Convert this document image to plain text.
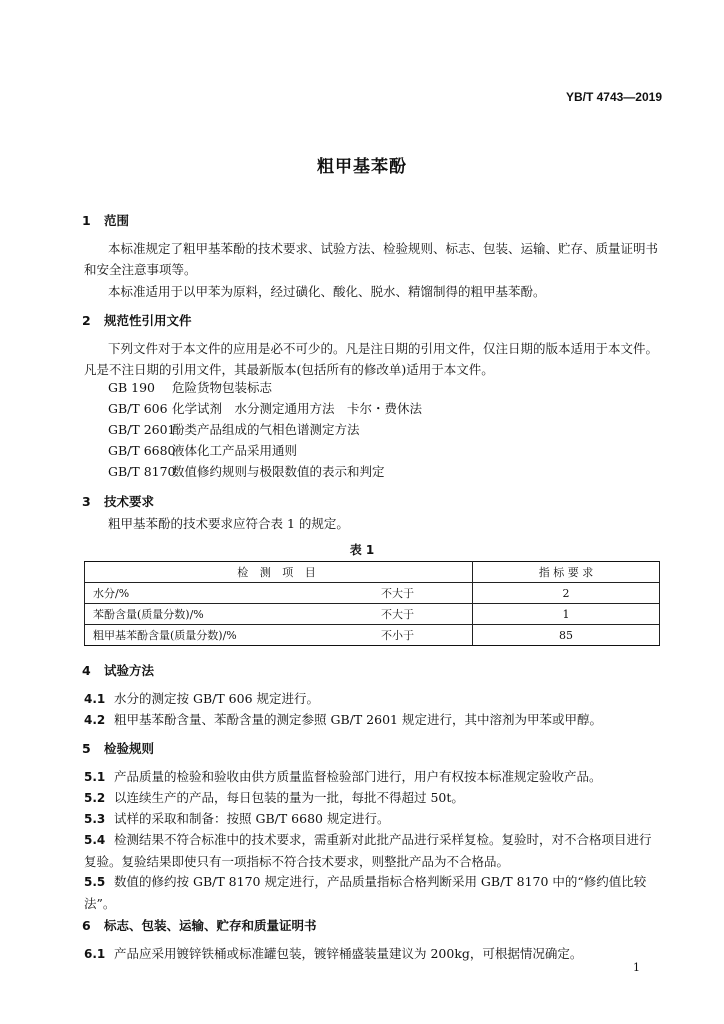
YB/T 4743—2019
粗甲基苯酚
1 范围
本标准规定了粗甲基苯酚的技术要求、试验方法、检验规则、标志、包装、运输、贮存、质量证明书和安全注意事项等。
本标准适用于以甲苯为原料，经过磺化、酸化、脱水、精馏制得的粗甲基苯酚。
2 规范性引用文件
下列文件对于本文件的应用是必不可少的。凡是注日期的引用文件，仅注日期的版本适用于本文件。凡是不注日期的引用文件，其最新版本(包括所有的修改单)适用于本文件。
GB 190 危险货物包装标志
GB/T 606 化学试剂　水分测定通用方法　卡尔・费休法
GB/T 2601酚类产品组成的气相色谱测定方法
GB/T 6680液体化工产品采用通则
GB/T 8170数值修约规则与极限数值的表示和判定
3 技术要求
粗甲基苯酚的技术要求应符合表 1 的规定。
表 1
检 测 项 目		指 标 要 求
水分/%	不大于	2
苯酚含量(质量分数)/%	不大于	1
粗甲基苯酚含量(质量分数)/%	不小于	85
4 试验方法
4.1 水分的测定按 GB/T 606 规定进行。
4.2 粗甲基苯酚含量、苯酚含量的测定参照 GB/T 2601 规定进行，其中溶剂为甲苯或甲醇。
5 检验规则
5.1 产品质量的检验和验收由供方质量监督检验部门进行，用户有权按本标准规定验收产品。
5.2 以连续生产的产品，每日包装的量为一批，每批不得超过 50t。
5.3 试样的采取和制备：按照 GB/T 6680 规定进行。
5.4 检测结果不符合标准中的技术要求，需重新对此批产品进行采样复检。复验时，对不合格项目进行复验。复验结果即使只有一项指标不符合技术要求，则整批产品为不合格品。
5.5 数值的修约按 GB/T 8170 规定进行，产品质量指标合格判断采用 GB/T 8170 中的“修约值比较法”。
6 标志、包装、运输、贮存和质量证明书
6.1 产品应采用镀锌铁桶或标准罐包装，镀锌桶盛装量建议为 200kg，可根据情况确定。
1
